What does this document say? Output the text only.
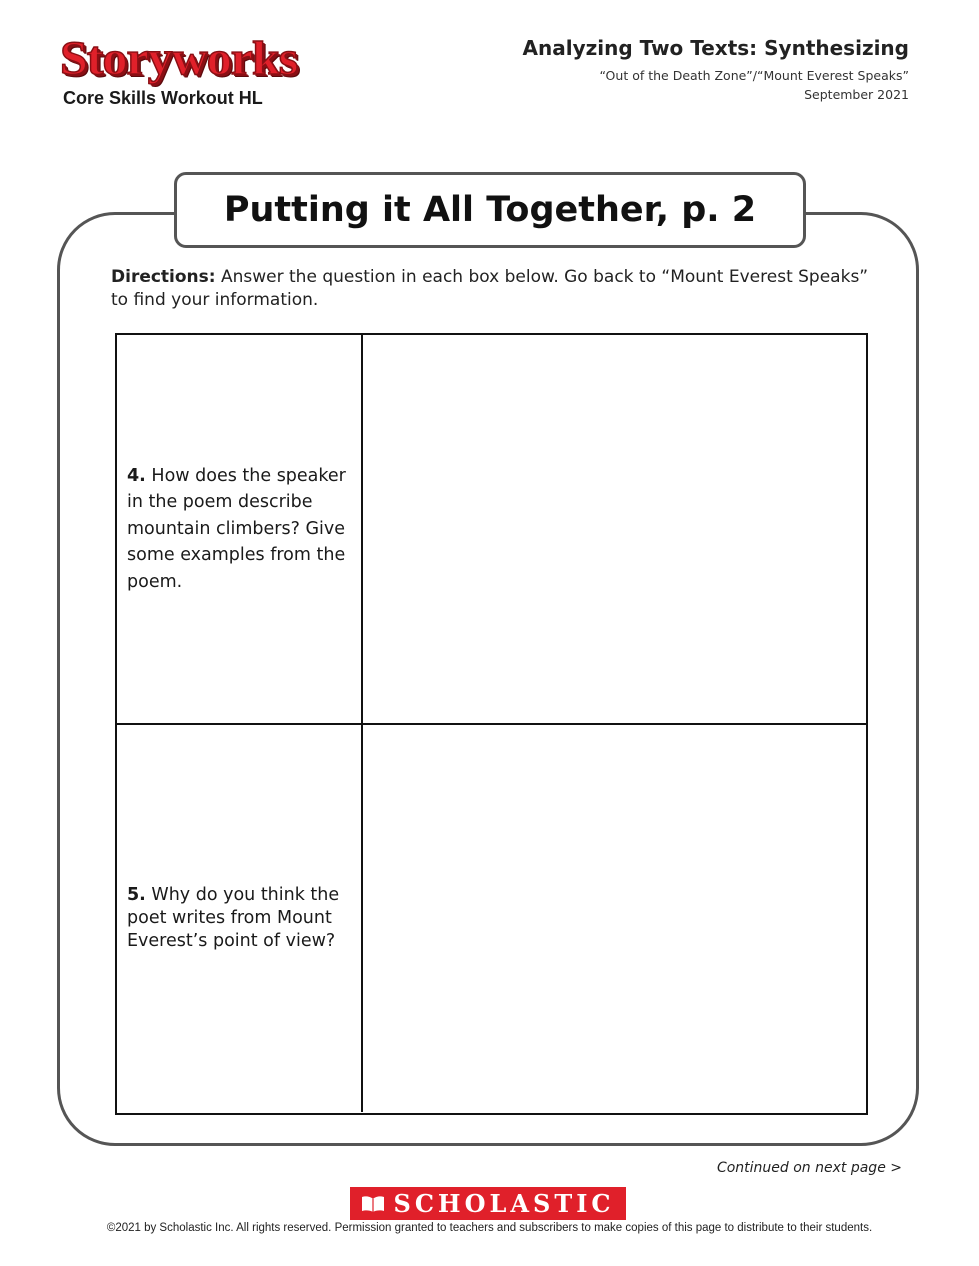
Storyworks
Core Skills Workout HL
Analyzing Two Texts: Synthesizing
“Out of the Death Zone”/“Mount Everest Speaks”
September 2021
Putting it All Together, p. 2
Directions: Answer the question in each box below. Go back to “Mount Everest Speaks” to find your information.
4. How does the speaker in the poem describe mountain climbers? Give some examples from the poem.
5. Why do you think the poet writes from Mount Everest’s point of view?
Continued on next page >
SCHOLASTIC
©2021 by Scholastic Inc. All rights reserved. Permission granted to teachers and subscribers to make copies of this page to distribute to their students.
